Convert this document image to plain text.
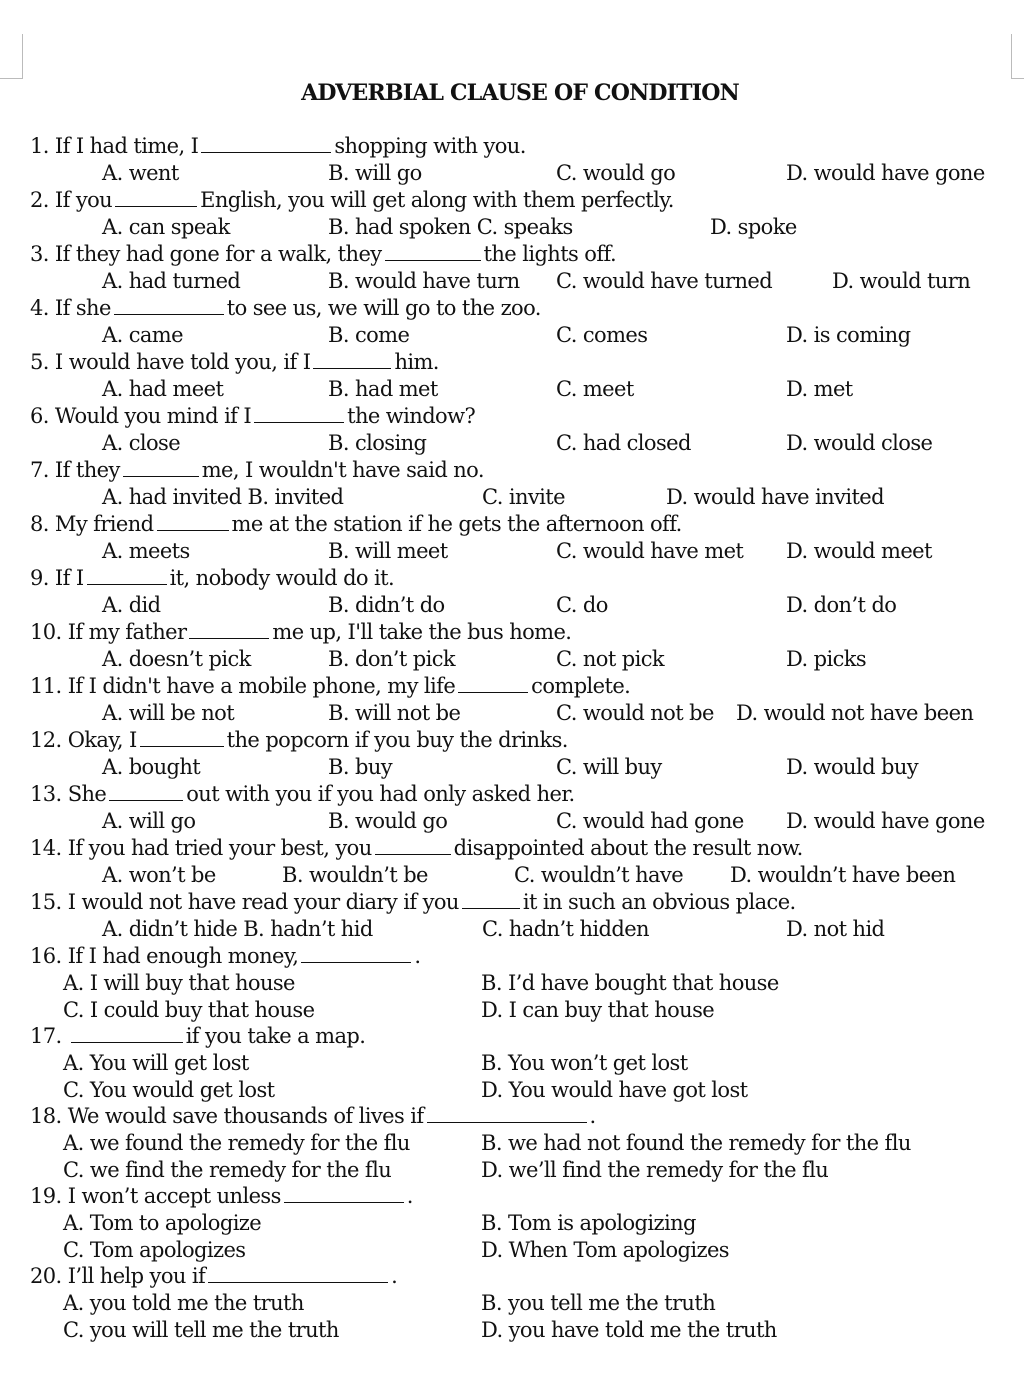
ADVERBIAL CLAUSE OF CONDITION
1. If I had time, I	shopping with you.
A. went	B. will go	C. would go	D. would have gone
2. If you	English, you will get along with them perfectly.
A. can speak	B. had spoken C. speaks	D. spoke
3. If they had gone for a walk, they	the lights off.
A. had turned	B. would have turn C. would have turned	D. would turn
4. If she	to see us, we will go to the zoo.
A. came	B. come	C. comes	D. is coming
5. I would have told you, if I	him.
A. had meet	B. had met	C. meet	D. met
6. Would you mind if I	the window?
A. close	B. closing	C. had closed	D. would close
7. If they	me, I wouldn't have said no.
A. had invited B. invited	C. invite	D. would have invited
8. My friend	me at the station if he gets the afternoon off.
A. meets	B. will meet	C. would have met D. would meet
9. If I	it, nobody would do it.
A. did	B. didn’t do	C. do	D. don’t do
10. If my father	me up, I'll take the bus home.
A. doesn’t pick	B. don’t pick	C. not pick	D. picks
11. If I didn't have a mobile phone, my life	complete.
A. will be not	B. will not be	C. would not be D. would not have been
12. Okay, I	the popcorn if you buy the drinks.
A. bought	B. buy	C. will buy	D. would buy
13. She	out with you if you had only asked her.
A. will go	B. would go	C. would had gone D. would have gone
14. If you had tried your best, you	disappointed about the result now.
A. won’t be	B. wouldn’t be	C. wouldn’t have D. wouldn’t have been
15. I would not have read your diary if you	it in such an obvious place.
A. didn’t hide B. hadn’t hid	C. hadn’t hidden	D. not hid
16. If I had enough money,	.
A. I will buy that house	B. I’d have bought that house
C. I could buy that house	D. I can buy that house
17.	if you take a map.
A. You will get lost	B. You won’t get lost
C. You would get lost	D. You would have got lost
18. We would save thousands of lives if	.
A. we found the remedy for the flu	B. we had not found the remedy for the flu
C. we find the remedy for the flu	D. we’ll find the remedy for the flu
19. I won’t accept unless	.
A. Tom to apologize	B. Tom is apologizing
C. Tom apologizes	D. When Tom apologizes
20. I’ll help you if	.
A. you told me the truth	B. you tell me the truth
C. you will tell me the truth	D. you have told me the truth
